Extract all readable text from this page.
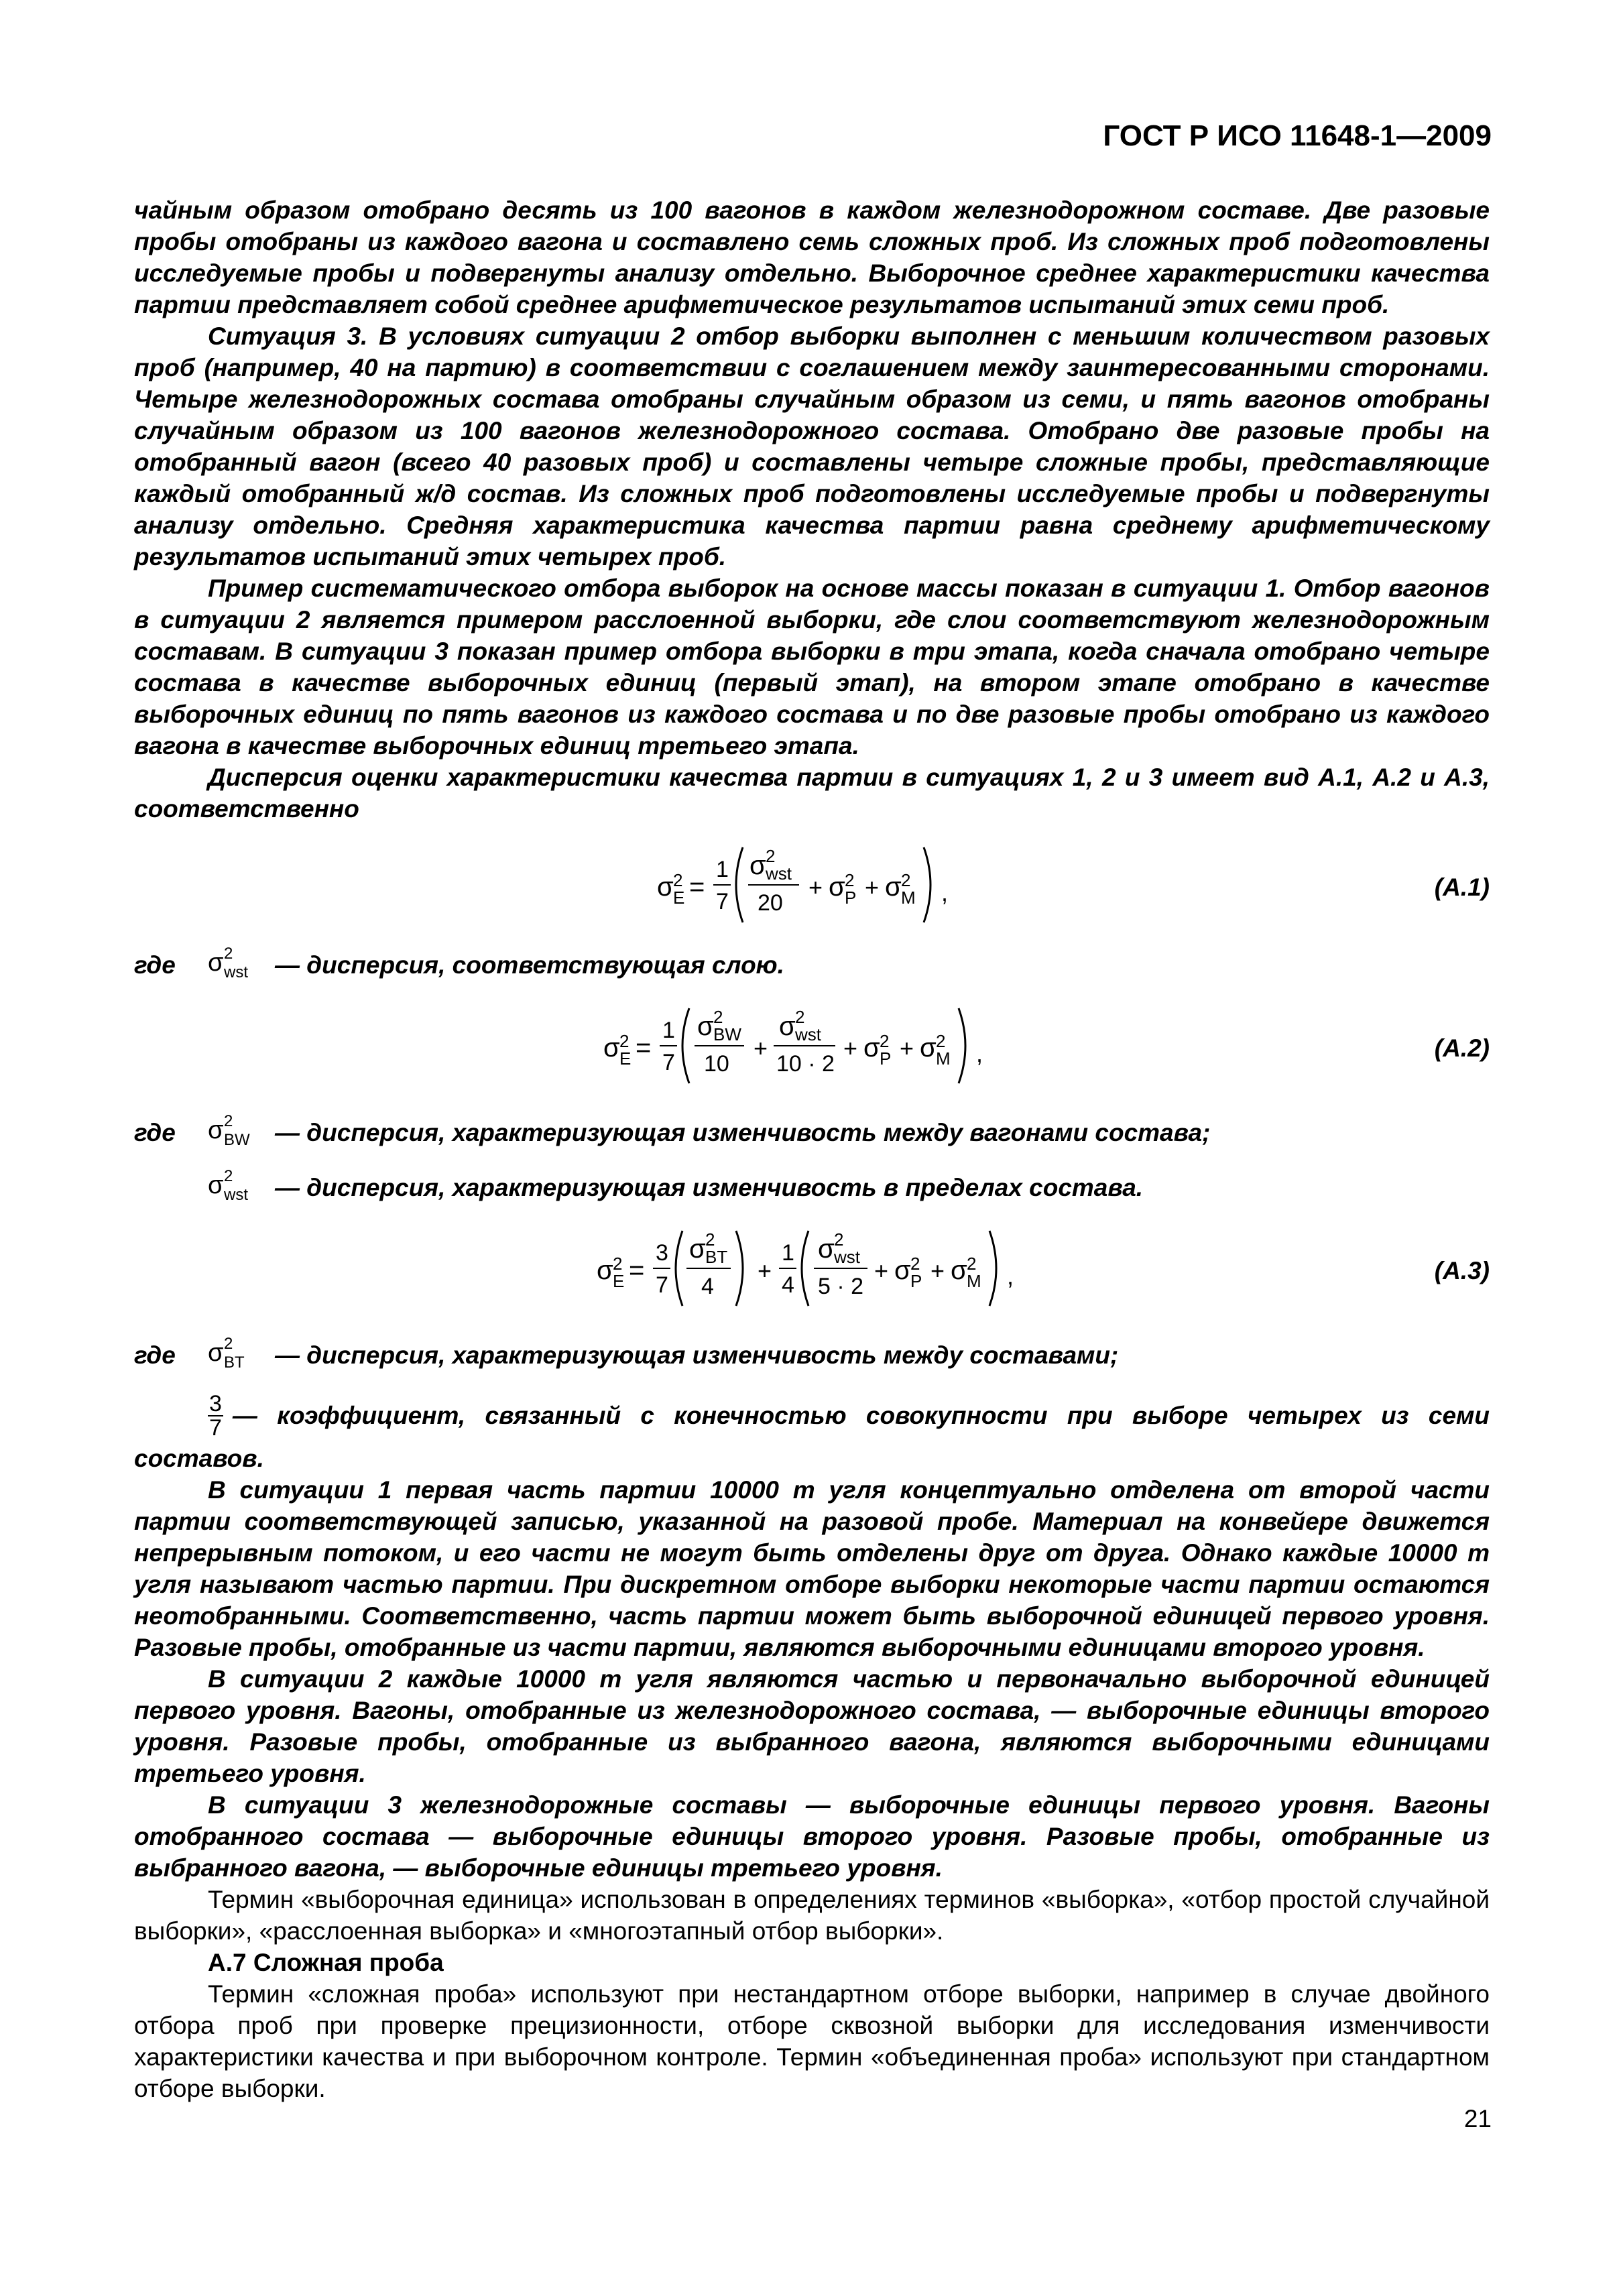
ГОСТ Р ИСО 11648-1—2009

чайным образом отобрано десять из 100 вагонов в каждом железнодорожном составе. Две разовые пробы отобраны из каждого вагона и составлено семь сложных проб. Из сложных проб подготовлены исследуемые пробы и подвергнуты анализу отдельно. Выборочное среднее характеристики качества партии представляет собой среднее арифметическое результатов испытаний этих семи проб.

Ситуация 3. В условиях ситуации 2 отбор выборки выполнен с меньшим количеством разовых проб (например, 40 на партию) в соответствии с соглашением между заинтересованными сторонами. Четыре железнодорожных состава отобраны случайным образом из семи, и пять вагонов отобраны случайным образом из 100 вагонов железнодорожного состава. Отобрано две разовые пробы на отобранный вагон (всего 40 разовых проб) и составлены четыре сложные пробы, представляющие каждый отобранный ж/д состав. Из сложных проб подготовлены исследуемые пробы и подвергнуты анализу отдельно. Средняя характеристика качества партии равна среднему арифметическому результатов испытаний этих четырех проб.

Пример систематического отбора выборок на основе массы показан в ситуации 1. Отбор вагонов в ситуации 2 является примером расслоенной выборки, где слои соответствуют железнодорожным составам. В ситуации 3 показан пример отбора выборки в три этапа, когда сначала отобрано четыре состава в качестве выборочных единиц (первый этап), на втором этапе отобрано в качестве выборочных единиц по пять вагонов из каждого состава и по две разовые пробы отобрано из каждого вагона в качестве выборочных единиц третьего этапа.

Дисперсия оценки характеристики качества партии в ситуациях 1, 2 и 3 имеет вид А.1, А.2 и А.3, соответственно

σ 2
E =
1
7
σ 2
wst
20
+ σ 2
P + σ 2
M ,	(А.1)
где	σ 2
wst — дисперсия, соответствующая слою.
σ 2
E =
1
7
σ 2
BW
10
+
σ 2
wst
10 · 2
+ σ 2
P + σ 2
M ,	(А.2)
где	σ 2
BW — дисперсия, характеризующая изменчивость между вагонами состава;
σ 2
wst — дисперсия, характеризующая изменчивость в пределах состава.
σ 2
E =
3
7
σ 2
BT
4
+
1
4
σ 2
wst
5 · 2
+ σ 2
P + σ 2
M ,	(А.3)
где	σ 2
BT — дисперсия, характеризующая изменчивость между составами;
$\frac{3}{7}$ — коэффициент, связанный с конечностью совокупности при выборе четырех из семи

составов.

В ситуации 1 первая часть партии 10000 т угля концептуально отделена от второй части партии соответствующей записью, указанной на разовой пробе. Материал на конвейере движется непрерывным потоком, и его части не могут быть отделены друг от друга. Однако каждые 10000 т угля называют частью партии. При дискретном отборе выборки некоторые части партии остаются неотобранными. Соответственно, часть партии может быть выборочной единицей первого уровня. Разовые пробы, отобранные из части партии, являются выборочными единицами второго уровня.

В ситуации 2 каждые 10000 т угля являются частью и первоначально выборочной единицей первого уровня. Вагоны, отобранные из железнодорожного состава, — выборочные единицы второго уровня. Разовые пробы, отобранные из выбранного вагона, являются выборочными единицами третьего уровня.

В ситуации 3 железнодорожные составы — выборочные единицы первого уровня. Вагоны отобранного состава — выборочные единицы второго уровня. Разовые пробы, отобранные из выбранного вагона, — выборочные единицы третьего уровня.

Термин «выборочная единица» использован в определениях терминов «выборка», «отбор простой случайной выборки», «расслоенная выборка» и «многоэтапный отбор выборки».

А.7 Сложная проба

Термин «сложная проба» используют при нестандартном отборе выборки, например в случае двойного отбора проб при проверке прецизионности, отборе сквозной выборки для исследования изменчивости характеристики качества и при выборочном контроле. Термин «объединенная проба» используют при стандартном отборе выборки.

21
